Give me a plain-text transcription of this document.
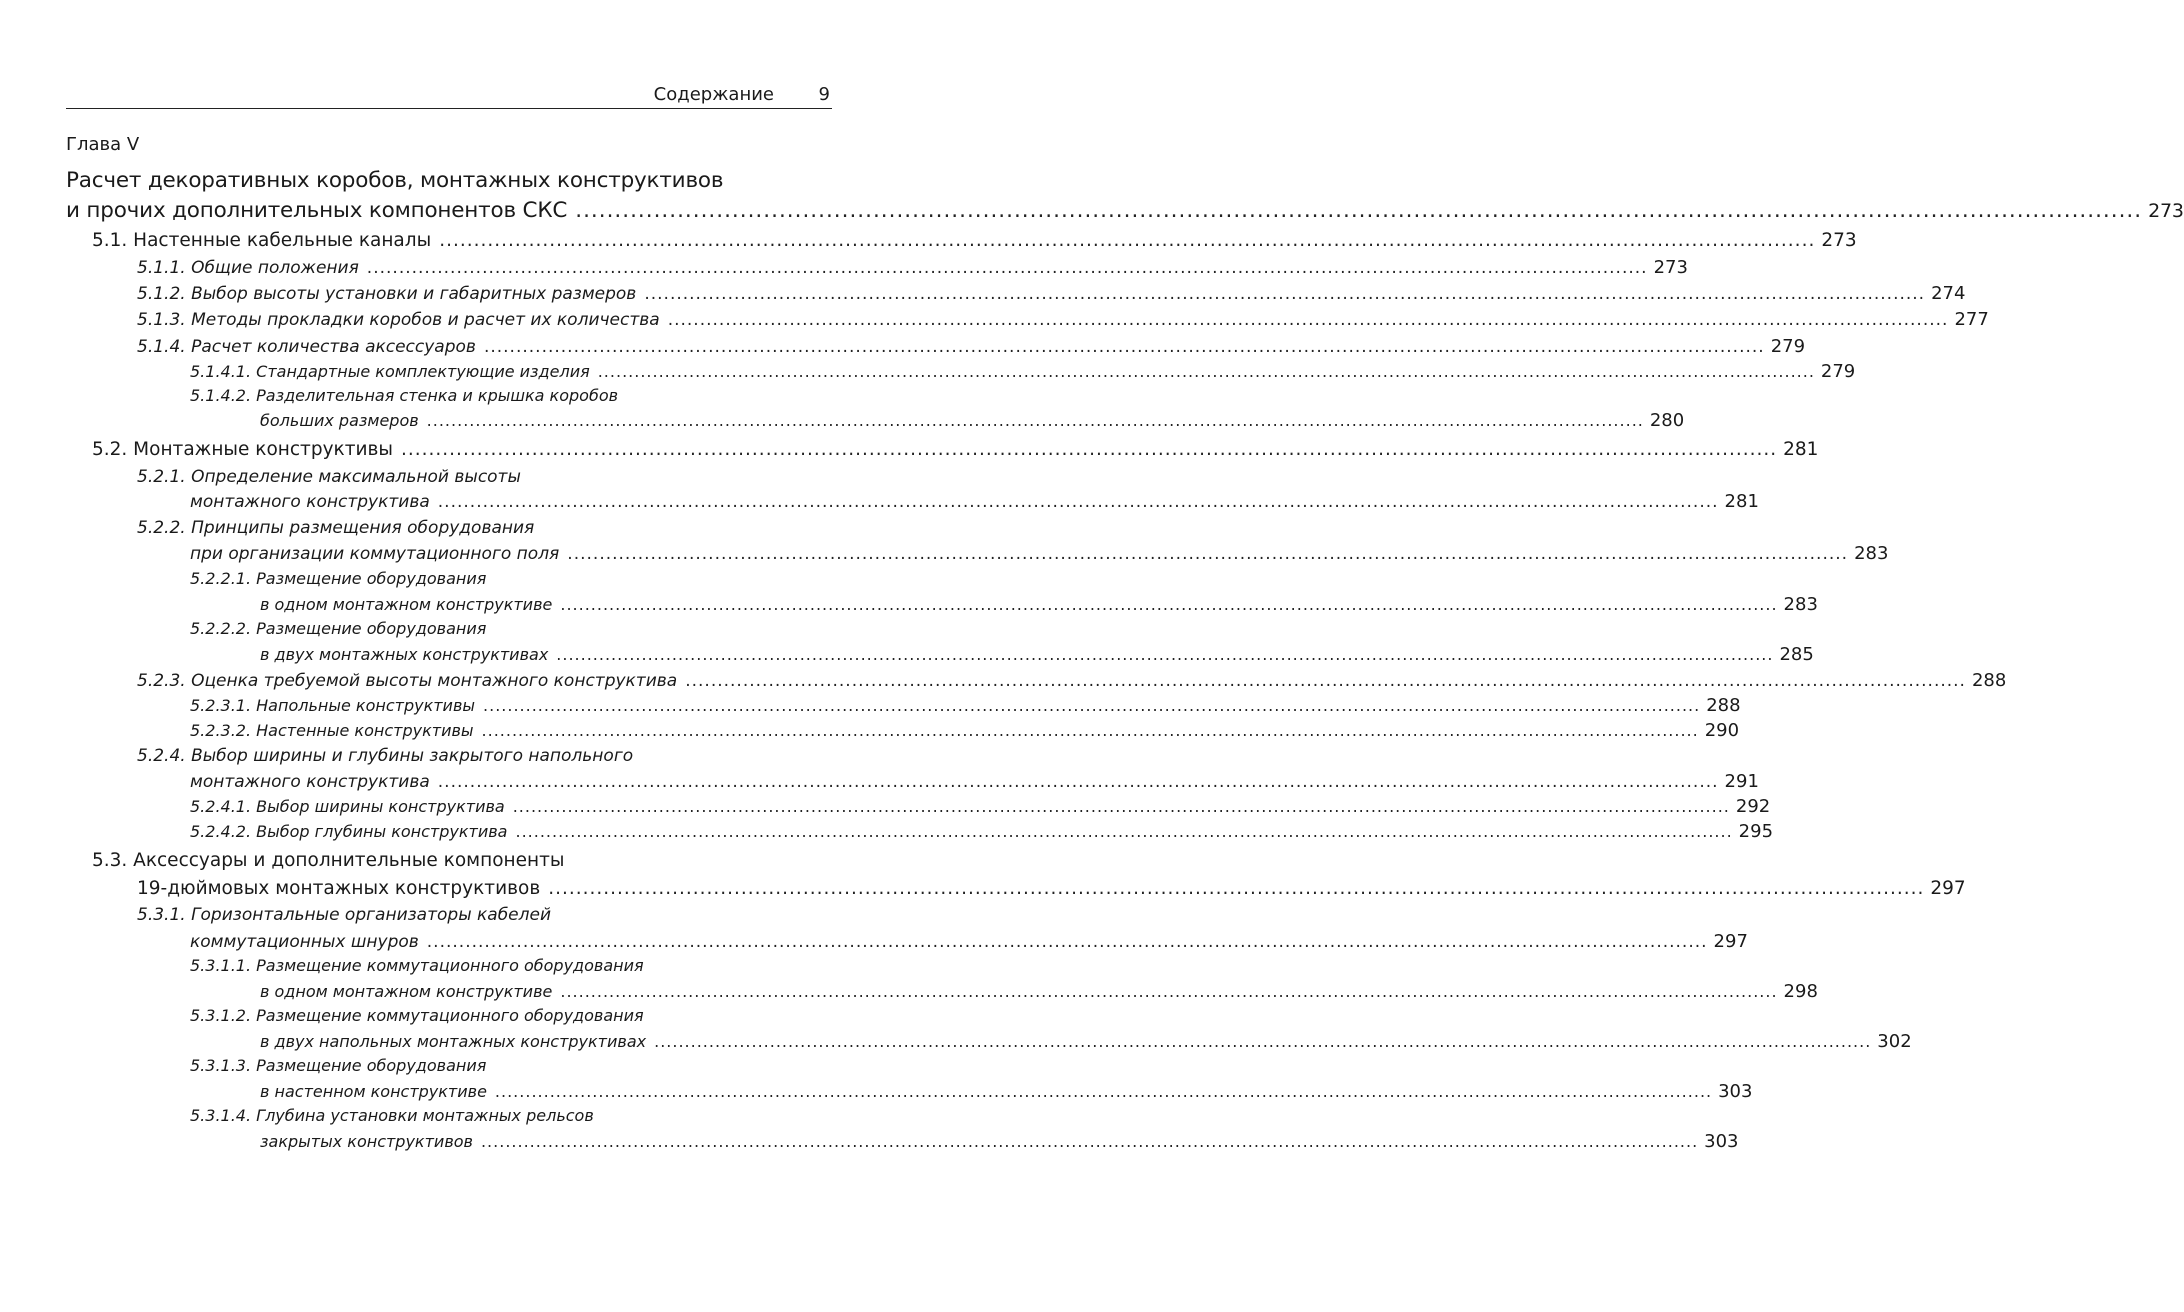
Содержание 9
Глава V
Расчет декоративных коробов, монтажных конструктивов
и прочих дополнительных компонентов СКС ........................................................................................................................................................................................................ 273
5.1. Настенные кабельные каналы ........................................................................................................................................................................................................ 273
5.1.1. Общие положения ........................................................................................................................................................................................................ 273
5.1.2. Выбор высоты установки и габаритных размеров ........................................................................................................................................................................................................ 274
5.1.3. Методы прокладки коробов и расчет их количества ........................................................................................................................................................................................................ 277
5.1.4. Расчет количества аксессуаров ........................................................................................................................................................................................................ 279
5.1.4.1. Стандартные комплектующие изделия ........................................................................................................................................................................................................ 279
5.1.4.2. Разделительная стенка и крышка коробов
больших размеров ........................................................................................................................................................................................................ 280
5.2. Монтажные конструктивы ........................................................................................................................................................................................................ 281
5.2.1. Определение максимальной высоты
монтажного конструктива ........................................................................................................................................................................................................ 281
5.2.2. Принципы размещения оборудования
при организации коммутационного поля ........................................................................................................................................................................................................ 283
5.2.2.1. Размещение оборудования
в одном монтажном конструктиве ........................................................................................................................................................................................................ 283
5.2.2.2. Размещение оборудования
в двух монтажных конструктивах ........................................................................................................................................................................................................ 285
5.2.3. Оценка требуемой высоты монтажного конструктива ........................................................................................................................................................................................................ 288
5.2.3.1. Напольные конструктивы ........................................................................................................................................................................................................ 288
5.2.3.2. Настенные конструктивы ........................................................................................................................................................................................................ 290
5.2.4. Выбор ширины и глубины закрытого напольного
монтажного конструктива ........................................................................................................................................................................................................ 291
5.2.4.1. Выбор ширины конструктива ........................................................................................................................................................................................................ 292
5.2.4.2. Выбор глубины конструктива ........................................................................................................................................................................................................ 295
5.3. Аксессуары и дополнительные компоненты
19-дюймовых монтажных конструктивов ........................................................................................................................................................................................................ 297
5.3.1. Горизонтальные организаторы кабелей
коммутационных шнуров ........................................................................................................................................................................................................ 297
5.3.1.1. Размещение коммутационного оборудования
в одном монтажном конструктиве ........................................................................................................................................................................................................ 298
5.3.1.2. Размещение коммутационного оборудования
в двух напольных монтажных конструктивах ........................................................................................................................................................................................................ 302
5.3.1.3. Размещение оборудования
в настенном конструктиве ........................................................................................................................................................................................................ 303
5.3.1.4. Глубина установки монтажных рельсов
закрытых конструктивов ........................................................................................................................................................................................................ 303
